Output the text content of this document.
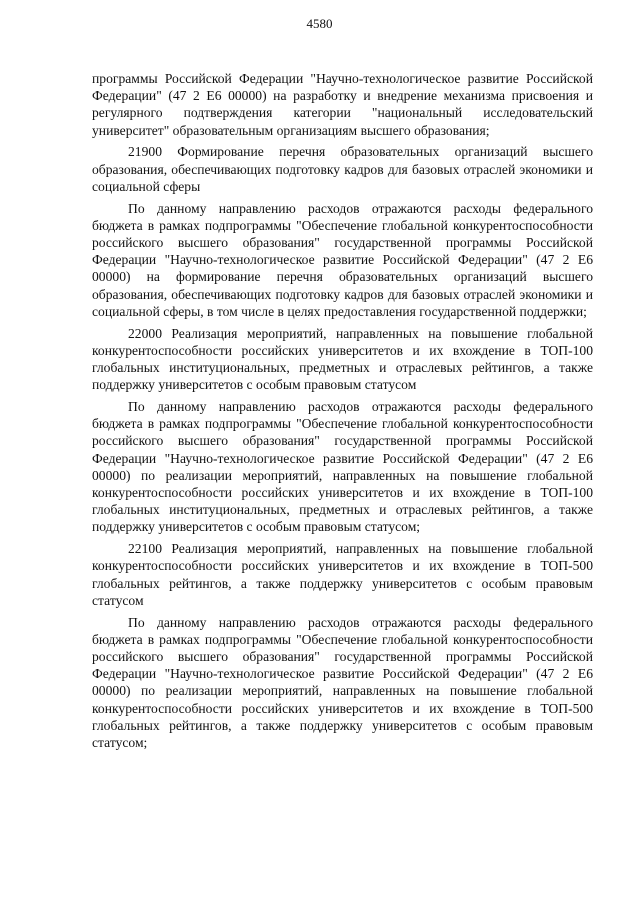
4580

программы Российской Федерации "Научно-технологическое развитие Российской Федерации" (47 2 Е6 00000) на разработку и внедрение механизма присвоения и регулярного подтверждения категории "национальный исследовательский университет" образовательным организациям высшего образования;

21900 Формирование перечня образовательных организаций высшего образования, обеспечивающих подготовку кадров для базовых отраслей экономики и социальной сферы

По данному направлению расходов отражаются расходы федерального бюджета в рамках подпрограммы "Обеспечение глобальной конкурентоспособности российского высшего образования" государственной программы Российской Федерации "Научно-технологическое развитие Российской Федерации" (47 2 Е6 00000) на формирование перечня образовательных организаций высшего образования, обеспечивающих подготовку кадров для базовых отраслей экономики и социальной сферы, в том числе в целях предоставления государственной поддержки;

22000 Реализация мероприятий, направленных на повышение глобальной конкурентоспособности российских университетов и их вхождение в ТОП-100 глобальных институциональных, предметных и отраслевых рейтингов, а также поддержку университетов с особым правовым статусом

По данному направлению расходов отражаются расходы федерального бюджета в рамках подпрограммы "Обеспечение глобальной конкурентоспособности российского высшего образования" государственной программы Российской Федерации "Научно-технологическое развитие Российской Федерации" (47 2 Е6 00000) по реализации мероприятий, направленных на повышение глобальной конкурентоспособности российских университетов и их вхождение в ТОП-100 глобальных институциональных, предметных и отраслевых рейтингов, а также поддержку университетов с особым правовым статусом;

22100 Реализация мероприятий, направленных на повышение глобальной конкурентоспособности российских университетов и их вхождение в ТОП-500 глобальных рейтингов, а также поддержку университетов с особым правовым статусом

По данному направлению расходов отражаются расходы федерального бюджета в рамках подпрограммы "Обеспечение глобальной конкурентоспособности российского высшего образования" государственной программы Российской Федерации "Научно-технологическое развитие Российской Федерации" (47 2 Е6 00000) по реализации мероприятий, направленных на повышение глобальной конкурентоспособности российских университетов и их вхождение в ТОП-500 глобальных рейтингов, а также поддержку университетов с особым правовым статусом;
